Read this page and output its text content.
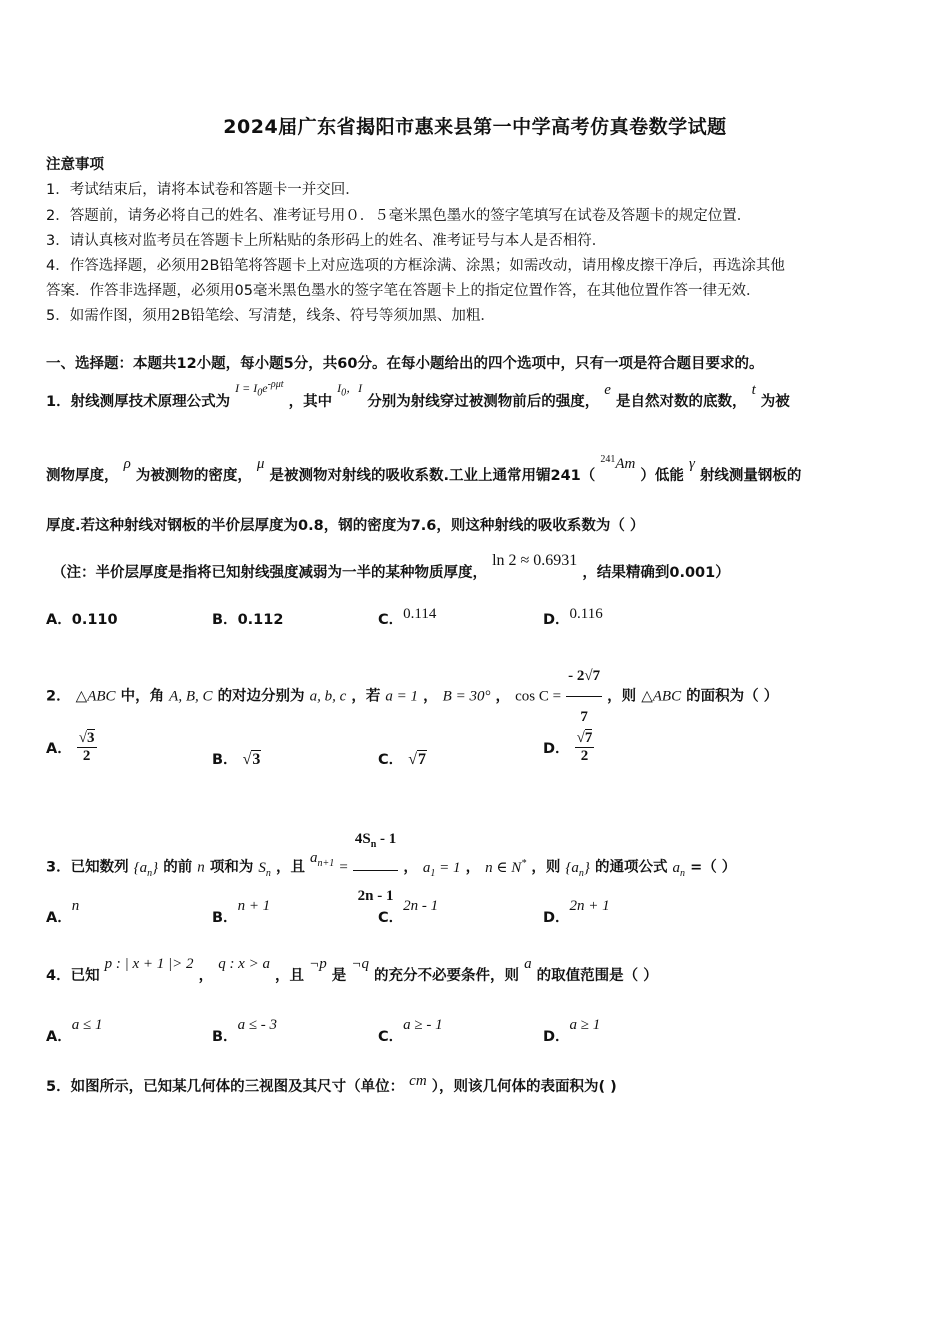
2024届广东省揭阳市惠来县第一中学高考仿真卷数学试题
注意事项
1．考试结束后，请将本试卷和答题卡一并交回．
2．答题前，请务必将自己的姓名、准考证号用０．５毫米黑色墨水的签字笔填写在试卷及答题卡的规定位置．
3．请认真核对监考员在答题卡上所粘贴的条形码上的姓名、准考证号与本人是否相符．
4．作答选择题，必须用2B铅笔将答题卡上对应选项的方框涂满、涂黑；如需改动，请用橡皮擦干净后，再选涂其他
答案．作答非选择题，必须用05毫米黑色墨水的签字笔在答题卡上的指定位置作答，在其他位置作答一律无效．
5．如需作图，须用2B铅笔绘、写清楚，线条、符号等须加黑、加粗．
一、选择题：本题共12小题，每小题5分，共60分。在每小题给出的四个选项中，只有一项是符合题目要求的。
1．射线测厚技术原理公式为 $^{I = I_0e^{-\rho\mu t}}$ ，其中 $^{I_0,I}$ 分别为射线穿过被测物前后的强度， e 是自然对数的底数， t 为被
测物厚度， ρ 为被测物的密度， μ 是被测物对射线的吸收系数.工业上通常用镅241（ $^{241}$Am ）低能 γ 射线测量钢板的
厚度.若这种射线对钢板的半价层厚度为0.8，钢的密度为7.6，则这种射线的吸收系数为（ ）
（注：半价层厚度是指将已知射线强度减弱为一半的某种物质厚度， ln 2 ≈ 0.6931 ，结果精确到0.001）
A．0.110	B．0.112	C．0.114	D．0.116
2． △ABC 中，角 A, B, C 的对边分别为 a, b, c ，若 a = 1 ， B = 30° ， $\cos C = \frac{- 2√7}{7}$ ，则 △ABC 的面积为（ ）
A． $\frac{√3}{2}$	B． √3	C． √7
D． $\frac{√7}{2}$
3．已知数列 $\{a_n\}$ 的前 n 项和为 $S_n$ ，且 $a_{n+1} = \frac{4S_n - 1}{2n - 1}$ ， $a_1 = 1$ ， n ∈ N* ，则 $\{a_n\}$ 的通项公式 $a_n$ =（ ）
A．n
B．n + 1
C．2n - 1
D．2n + 1
4．已知 p : | x + 1 |> 2 ， q : x > a ，且 ¬p 是 ¬q 的充分不必要条件，则 a 的取值范围是（ ）
A．a ≤ 1
B．a ≤ - 3
C．a ≥ - 1
D．a ≥ 1
5．如图所示，已知某几何体的三视图及其尺寸（单位： cm ），则该几何体的表面积为( )
